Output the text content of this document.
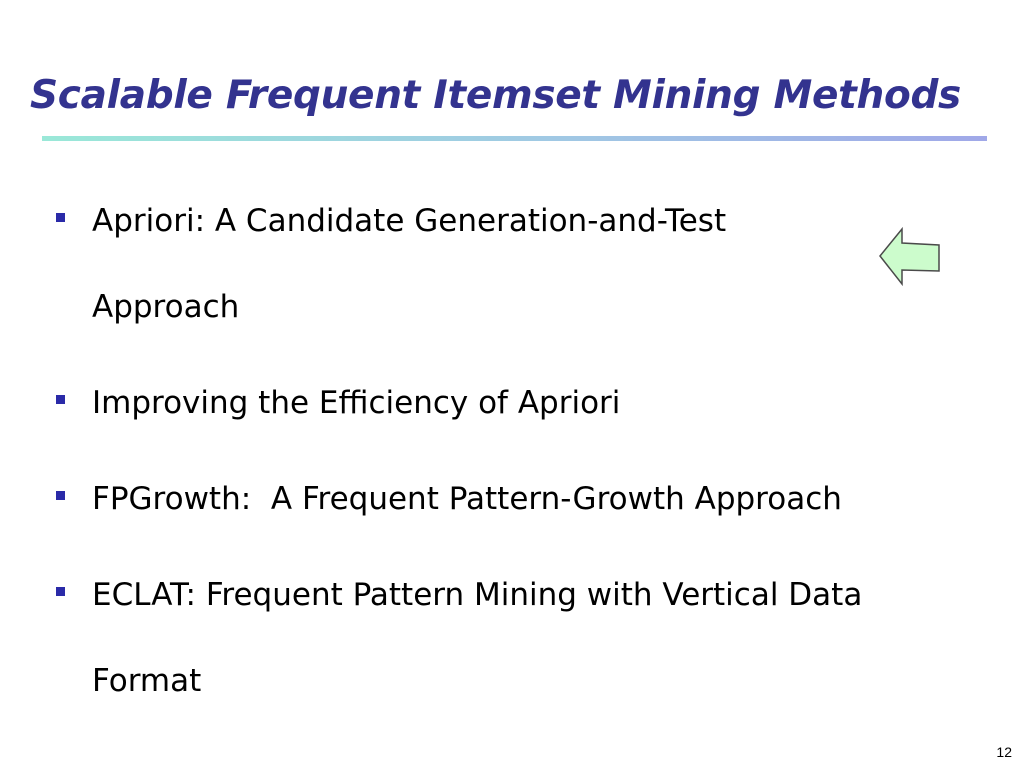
Scalable Frequent Itemset Mining Methods
Apriori: A Candidate Generation-and-Test Approach
Improving the Efficiency of Apriori
FPGrowth:  A Frequent Pattern-Growth Approach
ECLAT: Frequent Pattern Mining with Vertical Data Format
12
